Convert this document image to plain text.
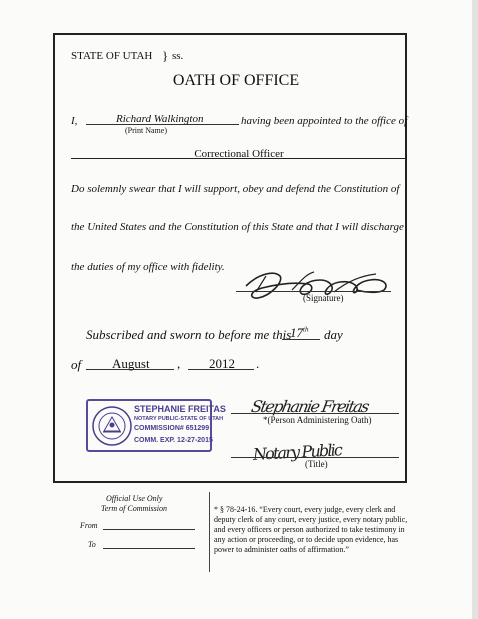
STATE OF UTAH } ss.
OATH OF OFFICE
I,	Richard Walkington
(Print Name)
having been appointed to the office of
Correctional Officer
Do solemnly swear that I will support, obey and defend the Constitution of
the United States and the Constitution of this State and that I will discharge
the duties of my office with fidelity.
(Signature)
Subscribed and sworn to before me this
17th day
of August , 2012 .
STEPHANIE FREITAS
NOTARY PUBLIC-STATE OF UTAH
COMMISSION# 651299
COMM. EXP. 12-27-2015
Stephanie Freitas
*(Person Administering Oath)
Notary Public
(Title)
Official Use Only
Term of Commission
From
To
* § 78-24-16. “Every court, every judge, every clerk and
deputy clerk of any court, every justice, every notary public,
and every officers or person authorized to take testimony in
any action or proceeding, or to decide upon evidence, has
power to administer oaths of affirmation.”
